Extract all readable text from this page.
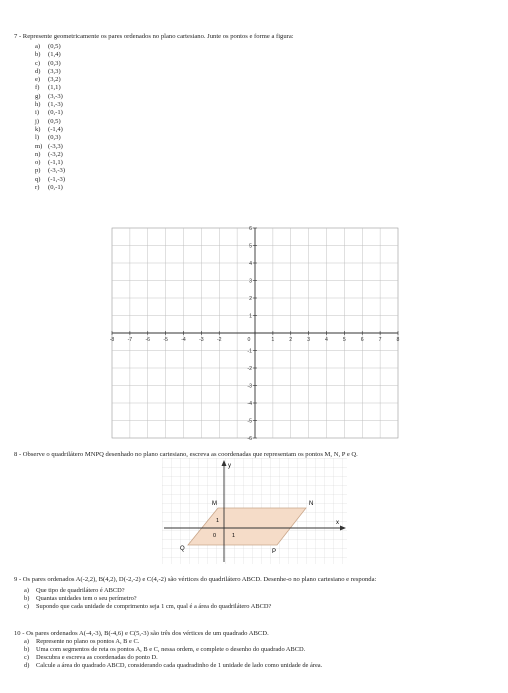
7 - Represente geometricamente os pares ordenados no plano cartesiano. Junte os pontos e forme a figura:
a) (0,5)
b) (1,4)
c) (0,3)
d) (3,3)
e) (3,2)
f) (1,1)
g) (3,-3)
h) (1,-3)
i) (0,-1)
j) (0,5)
k) (-1,4)
l) (0,3)
m) (-3,3)
n) (-3,2)
o) (-1,1)
p) (-3,-3)
q) (-1,-3)
r) (0,-1)
-8	-7	-6	-5	-4	-3	-2	0	1	2	3	4	5	6	7	8
6
5
4
3
2
1
-1
-2
-3
-4
-5
-6
8 - Observe o quadrilátero MNPQ desenhado no plano cartesiano, escreva as coordenadas que representam os pontos M, N, P e Q.
y
x
M	N
P
Q
1
0	1
9 - Os pares ordenados A(-2,2), B(4,2), D(-2,-2) e C(4,-2) são vértices do quadrilátero ABCD. Desenhe-o no plano cartesiano e responda:
a) Que tipo de quadrilátero é ABCD?
b) Quantas unidades tem o seu perímetro?
c) Supondo que cada unidade de comprimento seja 1 cm, qual é a área do quadrilátero ABCD?
10 - Os pares ordenados A(-4,-3), B(-4,6) e C(5,-3) são três dos vértices de um quadrado ABCD.
a) Represente no plano os pontos A, B e C.
b) Uma com segmentos de reta os pontos A, B e C, nessa ordem, e complete o desenho do quadrado ABCD.
c) Descubra e escreva as coordenadas do ponto D.
d) Calcule a área do quadrado ABCD, considerando cada quadradinho de 1 unidade de lado como unidade de área.
